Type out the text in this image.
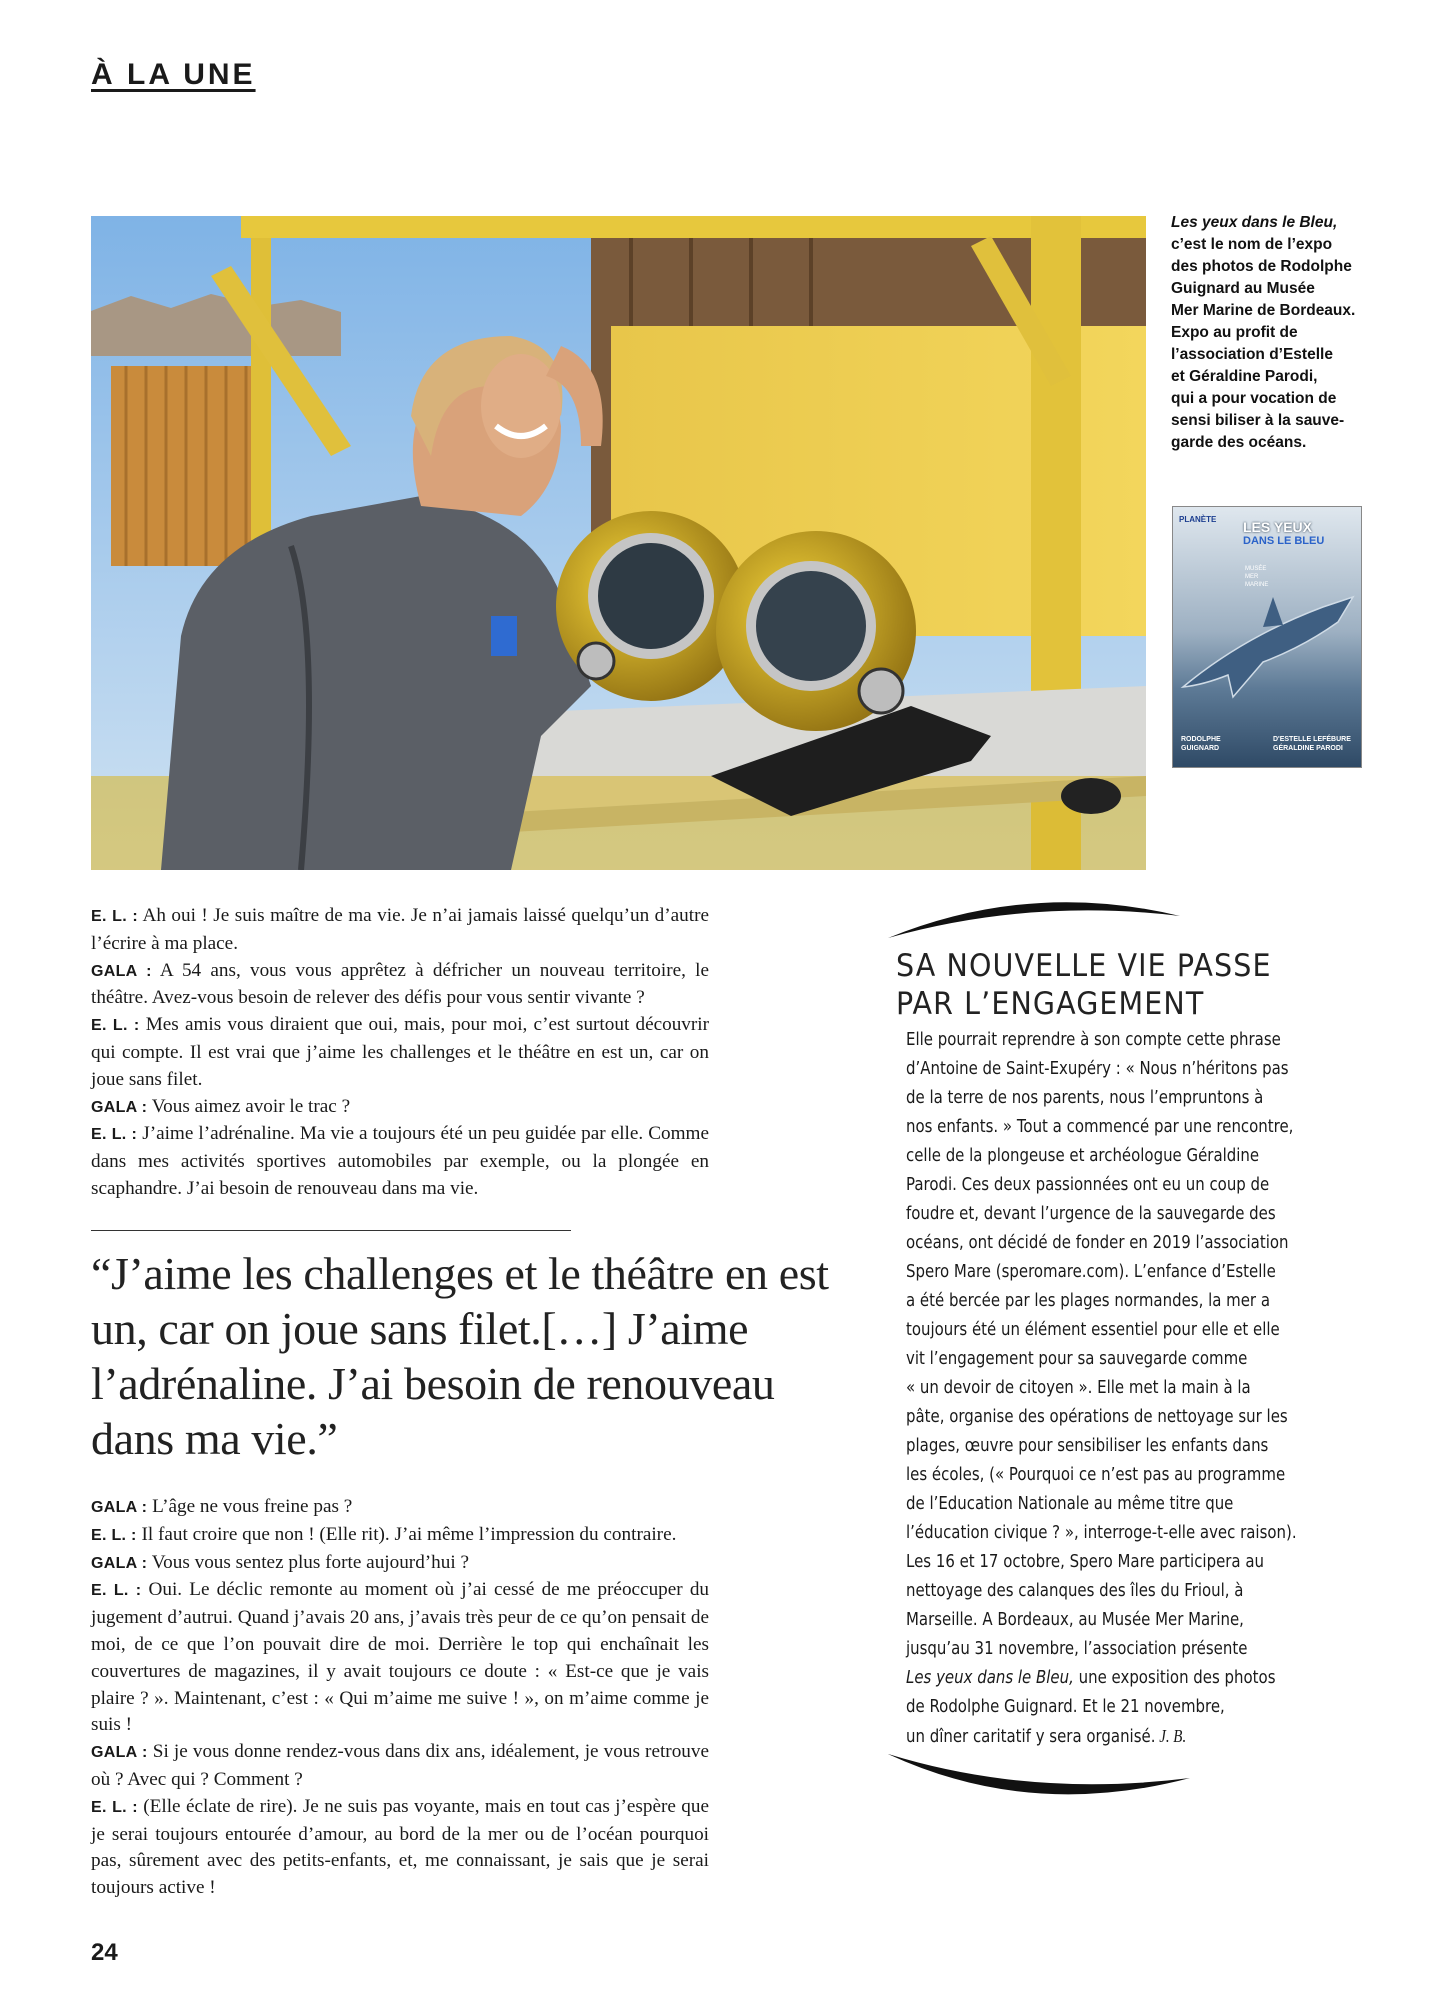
À LA UNE
Les yeux dans le Bleu,
c’est le nom de l’expo
des photos de Rodolphe
Guignard au Musée
Mer Marine de Bordeaux.
Expo au profit de
l’association d’Estelle
et Géraldine Parodi,
qui a pour vocation de
sensi biliser à la sauve-
garde des océans.
PLANÈTE LES YEUX
DANS LE BLEU
MUSÉE
MER
MARINE
RODOLPHE
GUIGNARD
D'ESTELLE LEFÉBURE
GÉRALDINE PARODI

E. L. : Ah oui ! Je suis maître de ma vie. Je n’ai jamais laissé quelqu’un d’autre l’écrire à ma place.

GALA : A 54 ans, vous vous apprêtez à défricher un nouveau territoire, le théâtre. Avez-vous besoin de relever des défis pour vous sentir vivante ?

E. L. : Mes amis vous diraient que oui, mais, pour moi, c’est surtout découvrir qui compte. Il est vrai que j’aime les challenges et le théâtre en est un, car on joue sans filet.

GALA : Vous aimez avoir le trac ?

E. L. : J’aime l’adrénaline. Ma vie a toujours été un peu guidée par elle. Comme dans mes activités sportives automobiles par exemple, ou la plongée en scaphandre. J’ai besoin de renouveau dans ma vie.

“J’aime les challenges et le théâtre en est un, car on joue sans filet.[…] J’aime l’adrénaline. J’ai besoin de renouveau dans ma vie.”

GALA : L’âge ne vous freine pas ?

E. L. : Il faut croire que non ! (Elle rit). J’ai même l’impression du contraire.

GALA : Vous vous sentez plus forte aujourd’hui ?

E. L. : Oui. Le déclic remonte au moment où j’ai cessé de me préoccuper du jugement d’autrui. Quand j’avais 20 ans, j’avais très peur de ce qu’on pensait de moi, de ce que l’on pouvait dire de moi. Derrière le top qui enchaînait les couvertures de magazines, il y avait toujours ce doute : « Est-ce que je vais plaire ? ». Maintenant, c’est : « Qui m’aime me suive ! », on m’aime comme je suis !

GALA : Si je vous donne rendez-vous dans dix ans, idéalement, je vous retrouve où ? Avec qui ? Comment ?

E. L. : (Elle éclate de rire). Je ne suis pas voyante, mais en tout cas j’espère que je serai toujours entourée d’amour, au bord de la mer ou de l’océan pourquoi pas, sûrement avec des petits-enfants, et, me connaissant, je sais que je serai toujours active !

SA NOUVELLE VIE PASSE
PAR L’ENGAGEMENT

Elle pourrait reprendre à son compte cette phrase

d’Antoine de Saint-Exupéry : « Nous n’héritons pas

de la terre de nos parents, nous l’empruntons à

nos enfants. » Tout a commencé par une rencontre,

celle de la plongeuse et archéologue Géraldine

Parodi. Ces deux passionnées ont eu un coup de

foudre et, devant l’urgence de la sauvegarde des

océans, ont décidé de fonder en 2019 l’association

Spero Mare (speromare.com). L’enfance d’Estelle

a été bercée par les plages normandes, la mer a

toujours été un élément essentiel pour elle et elle

vit l’engagement pour sa sauvegarde comme

« un devoir de citoyen ». Elle met la main à la

pâte, organise des opérations de nettoyage sur les

plages, œuvre pour sensibiliser les enfants dans

les écoles, (« Pourquoi ce n’est pas au programme

de l’Education Nationale au même titre que

l’éducation civique ? », interroge-t-elle avec raison).

Les 16 et 17 octobre, Spero Mare participera au

nettoyage des calanques des îles du Frioul, à

Marseille. A Bordeaux, au Musée Mer Marine,

jusqu’au 31 novembre, l’association présente

Les yeux dans le Bleu, une exposition des photos

de Rodolphe Guignard. Et le 21 novembre,

un dîner caritatif y sera organisé. J. B.

24
